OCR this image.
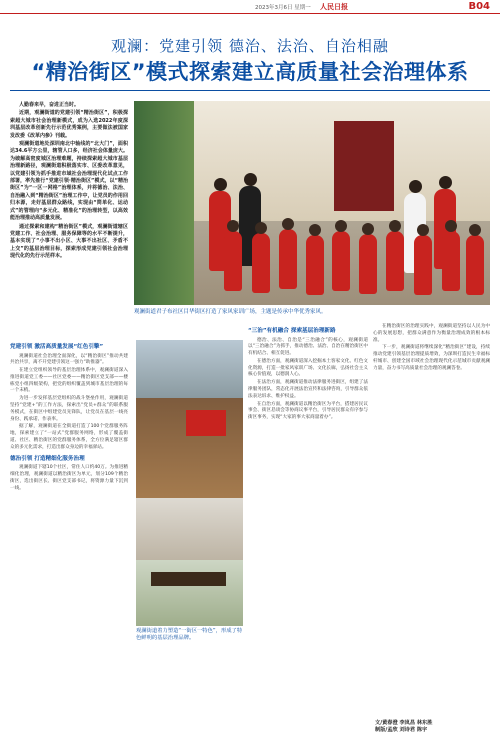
2023年3月6日 星期一 人民日报	B04
观澜：党建引领 德治、法治、自治相融
“精治街区”模式探索建立高质量社会治理体系

人勤春来早，奋进正当时。

近期，观澜街道的党建引领“精治街区”，积极探索超大城市社会治理新模式，成为入选2022年度深圳基层改革创新先行示范优秀案例，主要做法被国家发改委《改革内参》刊载。

观澜街道地处深圳南北中轴线的“北大门”，面积达34.6平方公里，辖管人口多，经济社会体量庞大。为破解高密度城区治理难题，持续探索超大城市基层治理新路径，观澜街道积极落实市、区委改革意见，以党建引领为抓手推进市域社会治理现代化试点工作部署，率先推行“党建引领·精治街区”模式，以“精治街区”为“一区一网格”治理体系，并将德治、法治、自治融入到“精治街区”治理工作中，让党员的作用回归本源，走好基层群众路线，实现由“简单化、运动式”的管理向“多元化、精准化”的治理转型，以高效能治理推动高质量发展。

通过探索和建构“精治街区”模式，观澜街道辖区党建工作、社会治理、服务保障等的水平不断提升，基本实现了“小事不出小区、大事不出社区、矛盾不上交”的基层治理目标，探索形成党建引领社会治理现代化的先行示范样本。

观澜街道君子布社区目华街区打造了家风家训广场，主题是传承中华优秀家风。
党建引领 激活高质量发展“红色引擎”

观澜街道社会治理全面深化，以“精治街区”推动共建共治共享，离不开党建引领这一强力“助推器”。

在建立党组织领导的基层治理体系中，观澜街道深入推进街道党工委——社区党委——精治街区党支部——楼栋党小组四级架构，把党的组织覆盖到城市基层治理的每一个末梢。

为进一步发挥基层党组织的战斗堡垒作用，观澜街道坚持“党建+”的工作方法，探索出“党员+群众”的联系服务模式，在街区中组建党员先锋队，让党员在基层一线亮身份、践承诺、作表率。

据了解，观澜街道在全街道打造了100个党群服务阵地，探索建立了“一站式”党群服务网络，形成了覆盖街道、社区、精治街区的党群服务体系，全方位满足辖区群众的多元化需求，打造出群众身边的幸福驿站。

德治引领 打造精细化服务治理

观澜街道下辖10个社区，常住人口约40万。为推进精细化治理，观澜街道以精治街区为单元，划分109个精治街区，选出街区长、街区党支部书记，将资源力量下沉到一线。

观澜街道着力塑造“一街区一特色”，形成了特色鲜明的基层治理品牌。
“三治”有机融合 探索基层治理新路

德治、法治、自治是“三治融合”的核心，观澜街道以“三治融合”为抓手，推动德治、法治、自治在精治街区中有机结合、相互促进。

在德治方面，观澜街道深入挖掘本土客家文化、红色文化资源，打造一批家风家训广场、文化长廊，弘扬社会主义核心价值观，以德润人心。

在法治方面，观澜街道推动法律服务进街区，组建了法律服务团队，常态化开展法治宣传和法律咨询，引导群众依法表达诉求、维护权益。

在自治方面，观澜街道以精治街区为平台，搭建居民议事会、街区恳谈会等协商议事平台，引导居民群众有序参与街区事务，实现“大家的事大家商量着办”。

在精治街区的治理实践中，观澜街道坚持以人民为中心的发展思想，把群众满意作为衡量治理成效的根本标准。

下一步，观澜街道将继续深化“精治街区”建设，持续推动党建引领基层治理提质增效，为深圳打造民生幸福标杆城市、创建全国市域社会治理现代化示范城市贡献观澜力量，奋力书写高质量社会治理的观澜答卷。

文/黄春澄 李岚昌 林东胜
制版/孟欣 刘诗君 陈宇
